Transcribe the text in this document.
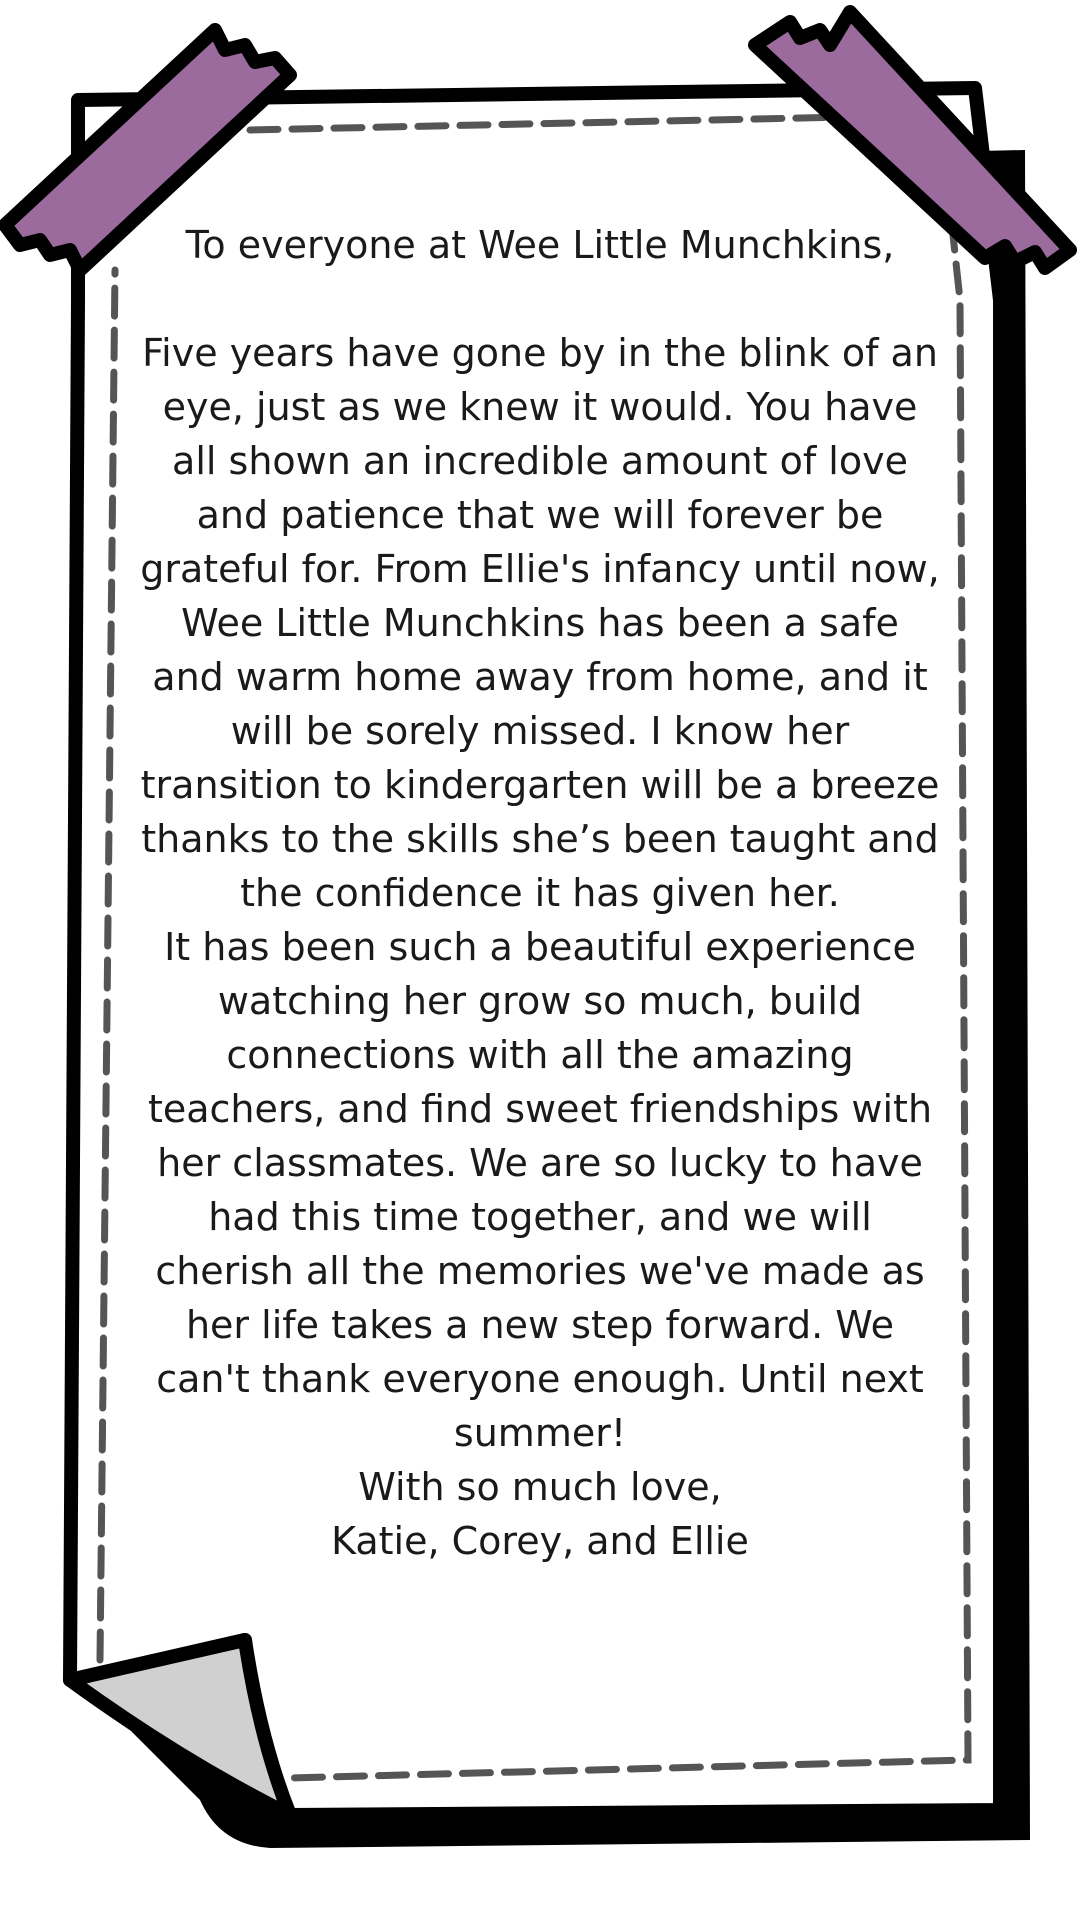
To everyone at Wee Little Munchkins,

Five years have gone by in the blink of an eye, just as we knew it would. You have all shown an incredible amount of love and patience that we will forever be grateful for. From Ellie's infancy until now, Wee Little Munchkins has been a safe and warm home away from home, and it will be sorely missed. I know her transition to kindergarten will be a breeze thanks to the skills she’s been taught and the confidence it has given her.

It has been such a beautiful experience watching her grow so much, build connections with all the amazing teachers, and find sweet friendships with her classmates. We are so lucky to have had this time together, and we will cherish all the memories we've made as her life takes a new step forward. We can't thank everyone enough. Until next summer!

With so much love,

Katie, Corey, and Ellie
